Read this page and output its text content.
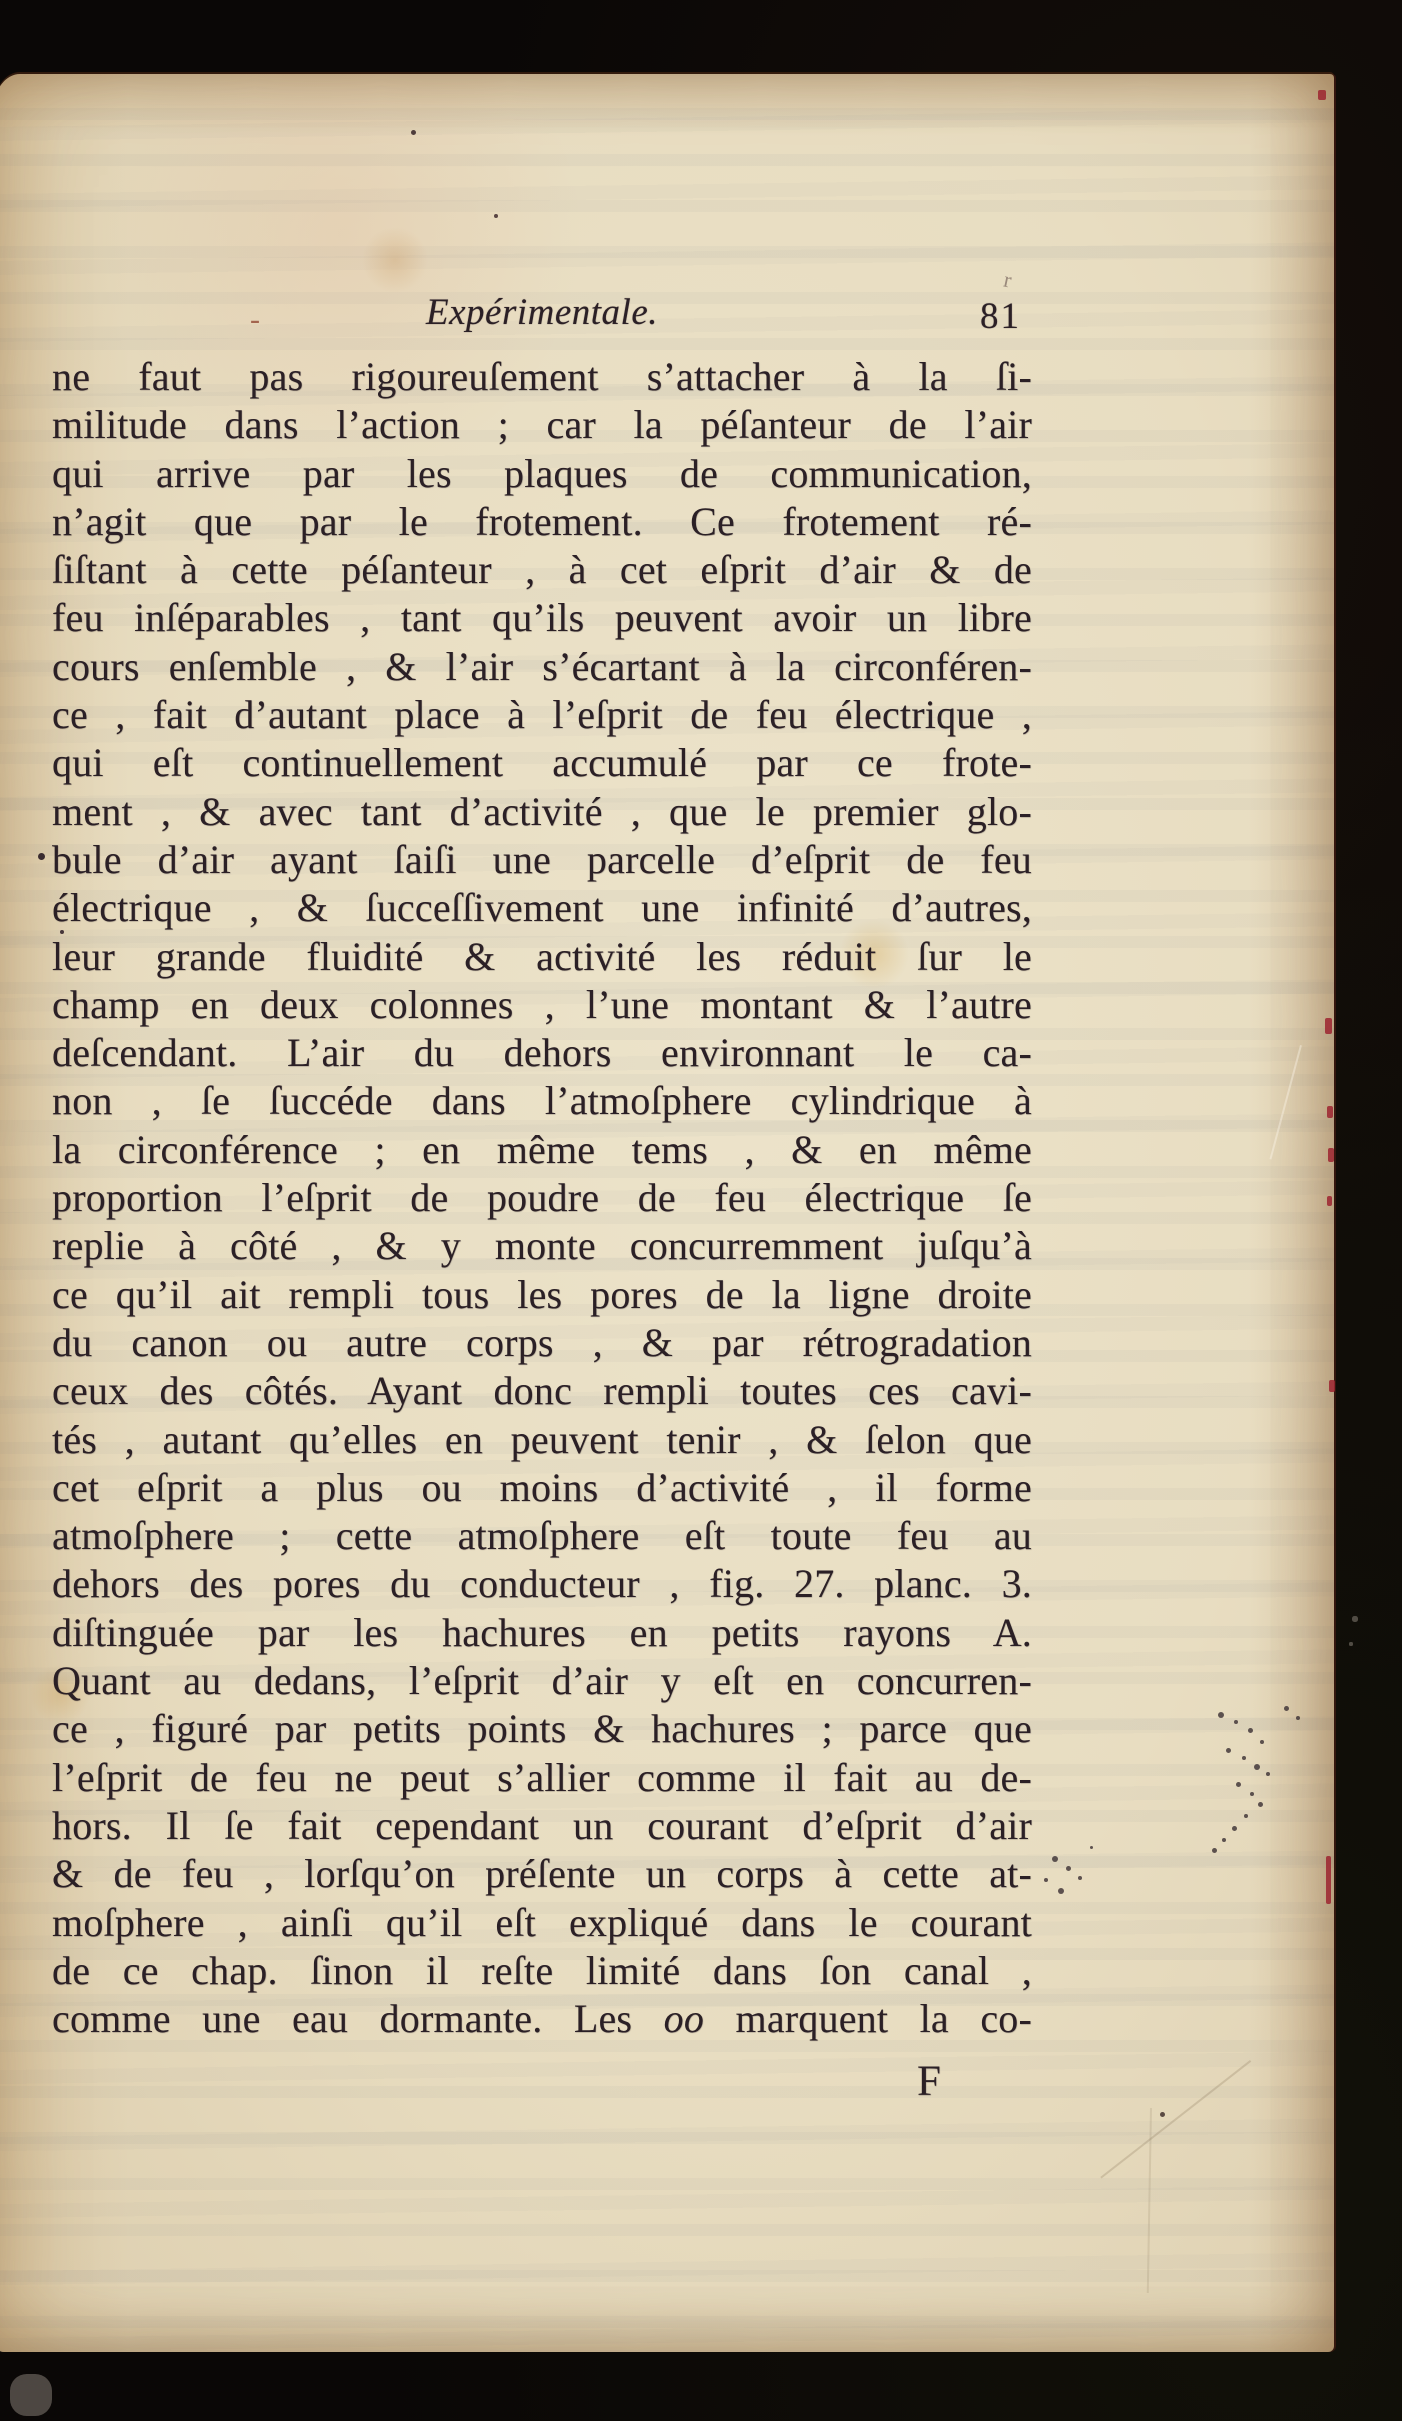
-	Expérimentale.
r
81
ne faut pas rigoureuſement s’attacher à la ſi-
militude dans l’action ; car la péſanteur de l’air
qui arrive par les plaques de communication,
n’agit que par le frotement. Ce frotement ré-
ſiſtant à cette péſanteur , à cet eſprit d’air & de
feu inſéparables , tant qu’ils peuvent avoir un libre
cours enſemble , & l’air s’écartant à la circonféren-
ce , fait d’autant place à l’eſprit de feu électrique ,
qui eſt continuellement accumulé par ce frote-
ment , & avec tant d’activité , que le premier glo-
bule d’air ayant ſaiſi une parcelle d’eſprit de feu
électrique , & ſucceſſivement une infinité d’autres,
leur grande fluidité & activité les réduit ſur le
champ en deux colonnes , l’une montant & l’autre
deſcendant. L’air du dehors environnant le ca-
non , ſe ſuccéde dans l’atmoſphere cylindrique à
la circonférence ; en même tems , & en même
proportion l’eſprit de poudre de feu électrique ſe
replie à côté , & y monte concurremment juſqu’à
ce qu’il ait rempli tous les pores de la ligne droite
du canon ou autre corps , & par rétrogradation
ceux des côtés. Ayant donc rempli toutes ces cavi-
tés , autant qu’elles en peuvent tenir , & ſelon que
cet eſprit a plus ou moins d’activité , il forme
atmoſphere ; cette atmoſphere eſt toute feu au
dehors des pores du conducteur , fig. 27. planc. 3.
diſtinguée par les hachures en petits rayons A.
Quant au dedans, l’eſprit d’air y eſt en concurren-
ce , figuré par petits points & hachures ; parce que
l’eſprit de feu ne peut s’allier comme il fait au de-
hors. Il ſe fait cependant un courant d’eſprit d’air
& de feu , lorſqu’on préſente un corps à cette at-
moſphere , ainſi qu’il eſt expliqué dans le courant
de ce chap. ſinon il reſte limité dans ſon canal ,
comme une eau dormante. Les oo marquent la co-
F
